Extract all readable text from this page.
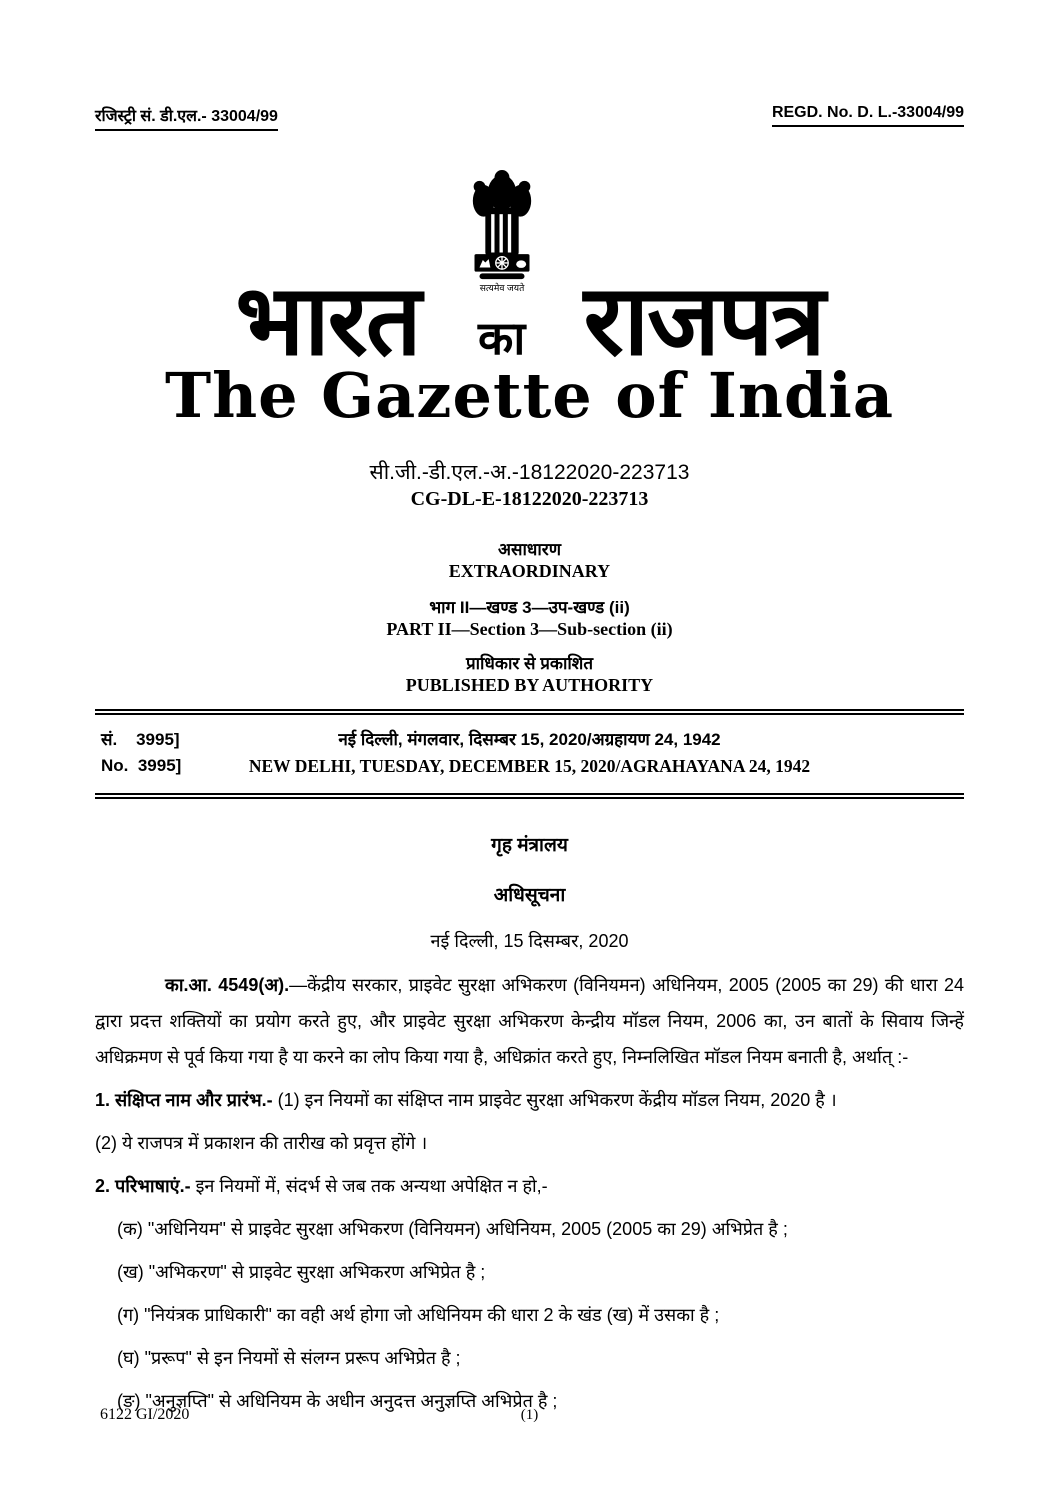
रजिस्ट्री सं. डी.एल.- 33004/99	REGD. No. D. L.-33004/99
भारत	सत्यमेव जयते
का राजपत्र
The Gazette of India
सी.जी.-डी.एल.-अ.-18122020-223713
CG-DL-E-18122020-223713
असाधारण
EXTRAORDINARY
भाग II—खण्ड 3—उप-खण्ड (ii)
PART II—Section 3—Sub-section (ii)
प्राधिकार से प्रकाशित
PUBLISHED BY AUTHORITY
सं.    3995]	नई दिल्ली, मंगलवार, दिसम्बर 15, 2020/अग्रहायण 24, 1942
No.  3995]	NEW DELHI, TUESDAY, DECEMBER 15, 2020/AGRAHAYANA 24, 1942
गृह मंत्रालय
अधिसूचना
नई दिल्ली, 15 दिसम्बर, 2020

का.आ. 4549(अ).—केंद्रीय सरकार, प्राइवेट सुरक्षा अभिकरण (विनियमन) अधिनियम, 2005 (2005 का 29) की धारा 24 द्वारा प्रदत्त शक्तियों का प्रयोग करते हुए, और प्राइवेट सुरक्षा अभिकरण केन्द्रीय मॉडल नियम, 2006 का, उन बातों के सिवाय जिन्हें अधिक्रमण से पूर्व किया गया है या करने का लोप किया गया है, अधिक्रांत करते हुए, निम्नलिखित मॉडल नियम बनाती है, अर्थात् :-

1. संक्षिप्त नाम और प्रारंभ.- (1) इन नियमों का संक्षिप्त नाम प्राइवेट सुरक्षा अभिकरण केंद्रीय मॉडल नियम, 2020 है ।

(2) ये राजपत्र में प्रकाशन की तारीख को प्रवृत्त होंगे ।

2. परिभाषाएं.- इन नियमों में, संदर्भ से जब तक अन्यथा अपेक्षित न हो,-

(क) "अधिनियम" से प्राइवेट सुरक्षा अभिकरण (विनियमन) अधिनियम, 2005 (2005 का 29) अभिप्रेत है ;

(ख) "अभिकरण" से प्राइवेट सुरक्षा अभिकरण अभिप्रेत है ;

(ग) "नियंत्रक प्राधिकारी" का वही अर्थ होगा जो अधिनियम की धारा 2 के खंड (ख) में उसका है ;

(घ) "प्ररूप" से इन नियमों से संलग्न प्ररूप अभिप्रेत है ;

(ङ) "अनुज्ञप्ति" से अधिनियम के अधीन अनुदत्त अनुज्ञप्ति अभिप्रेत है ;

6122 GI/2020	(1)
